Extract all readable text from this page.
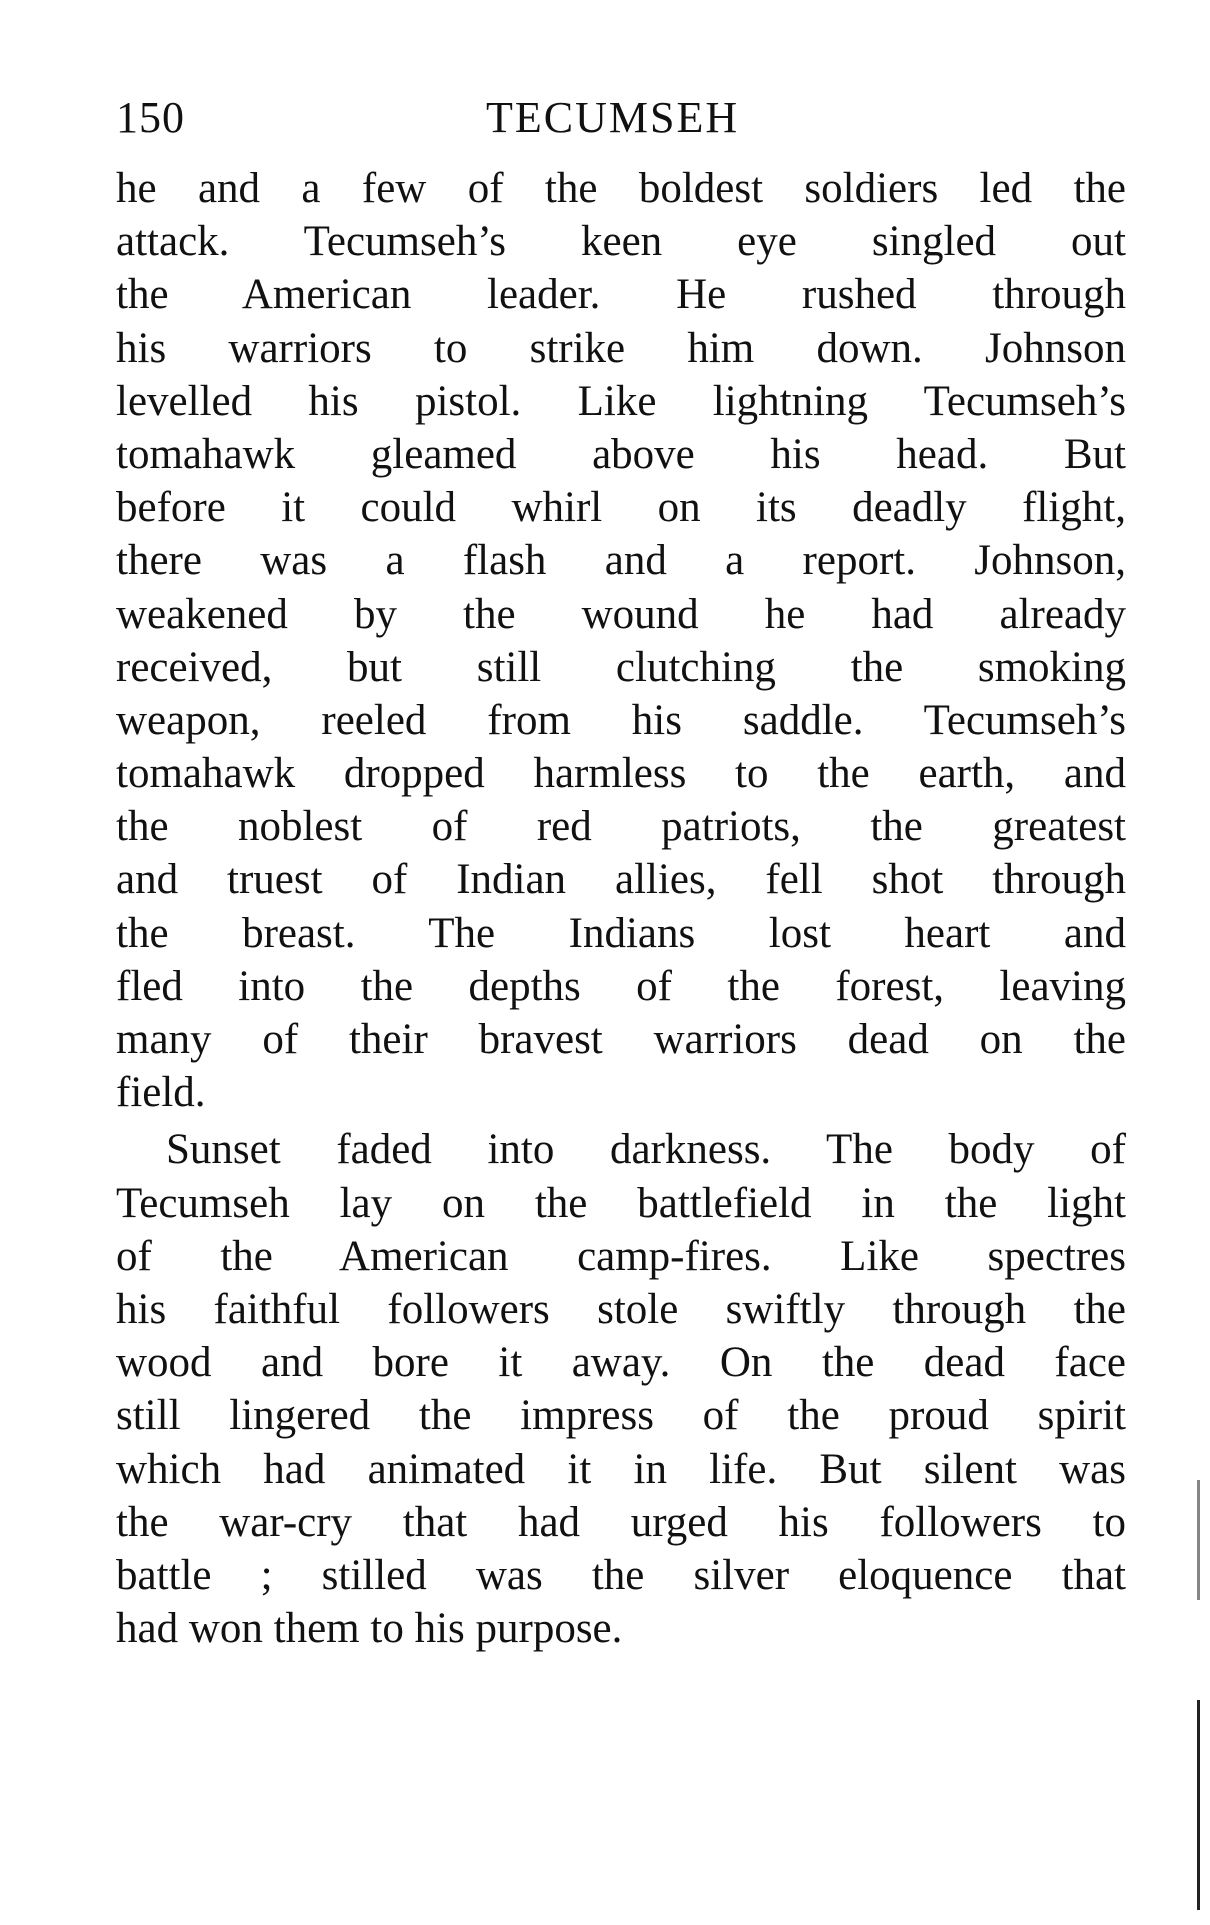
150	TECUMSEH
he and a few of the boldest soldiers led the
attack. Tecumseh’s keen eye singled out
the American leader. He rushed through
his warriors to strike him down. Johnson
levelled his pistol. Like lightning Tecumseh’s
tomahawk gleamed above his head. But
before it could whirl on its deadly flight,
there was a flash and a report. Johnson,
weakened by the wound he had already
received, but still clutching the smoking
weapon, reeled from his saddle. Tecumseh’s
tomahawk dropped harmless to the earth, and
the noblest of red patriots, the greatest
and truest of Indian allies, fell shot through
the breast. The Indians lost heart and
fled into the depths of the forest, leaving
many of their bravest warriors dead on the
field.
Sunset faded into darkness. The body of
Tecumseh lay on the battlefield in the light
of the American camp-fires. Like spectres
his faithful followers stole swiftly through the
wood and bore it away. On the dead face
still lingered the impress of the proud spirit
which had animated it in life. But silent was
the war-cry that had urged his followers to
battle ; stilled was the silver eloquence that
had won them to his purpose.
